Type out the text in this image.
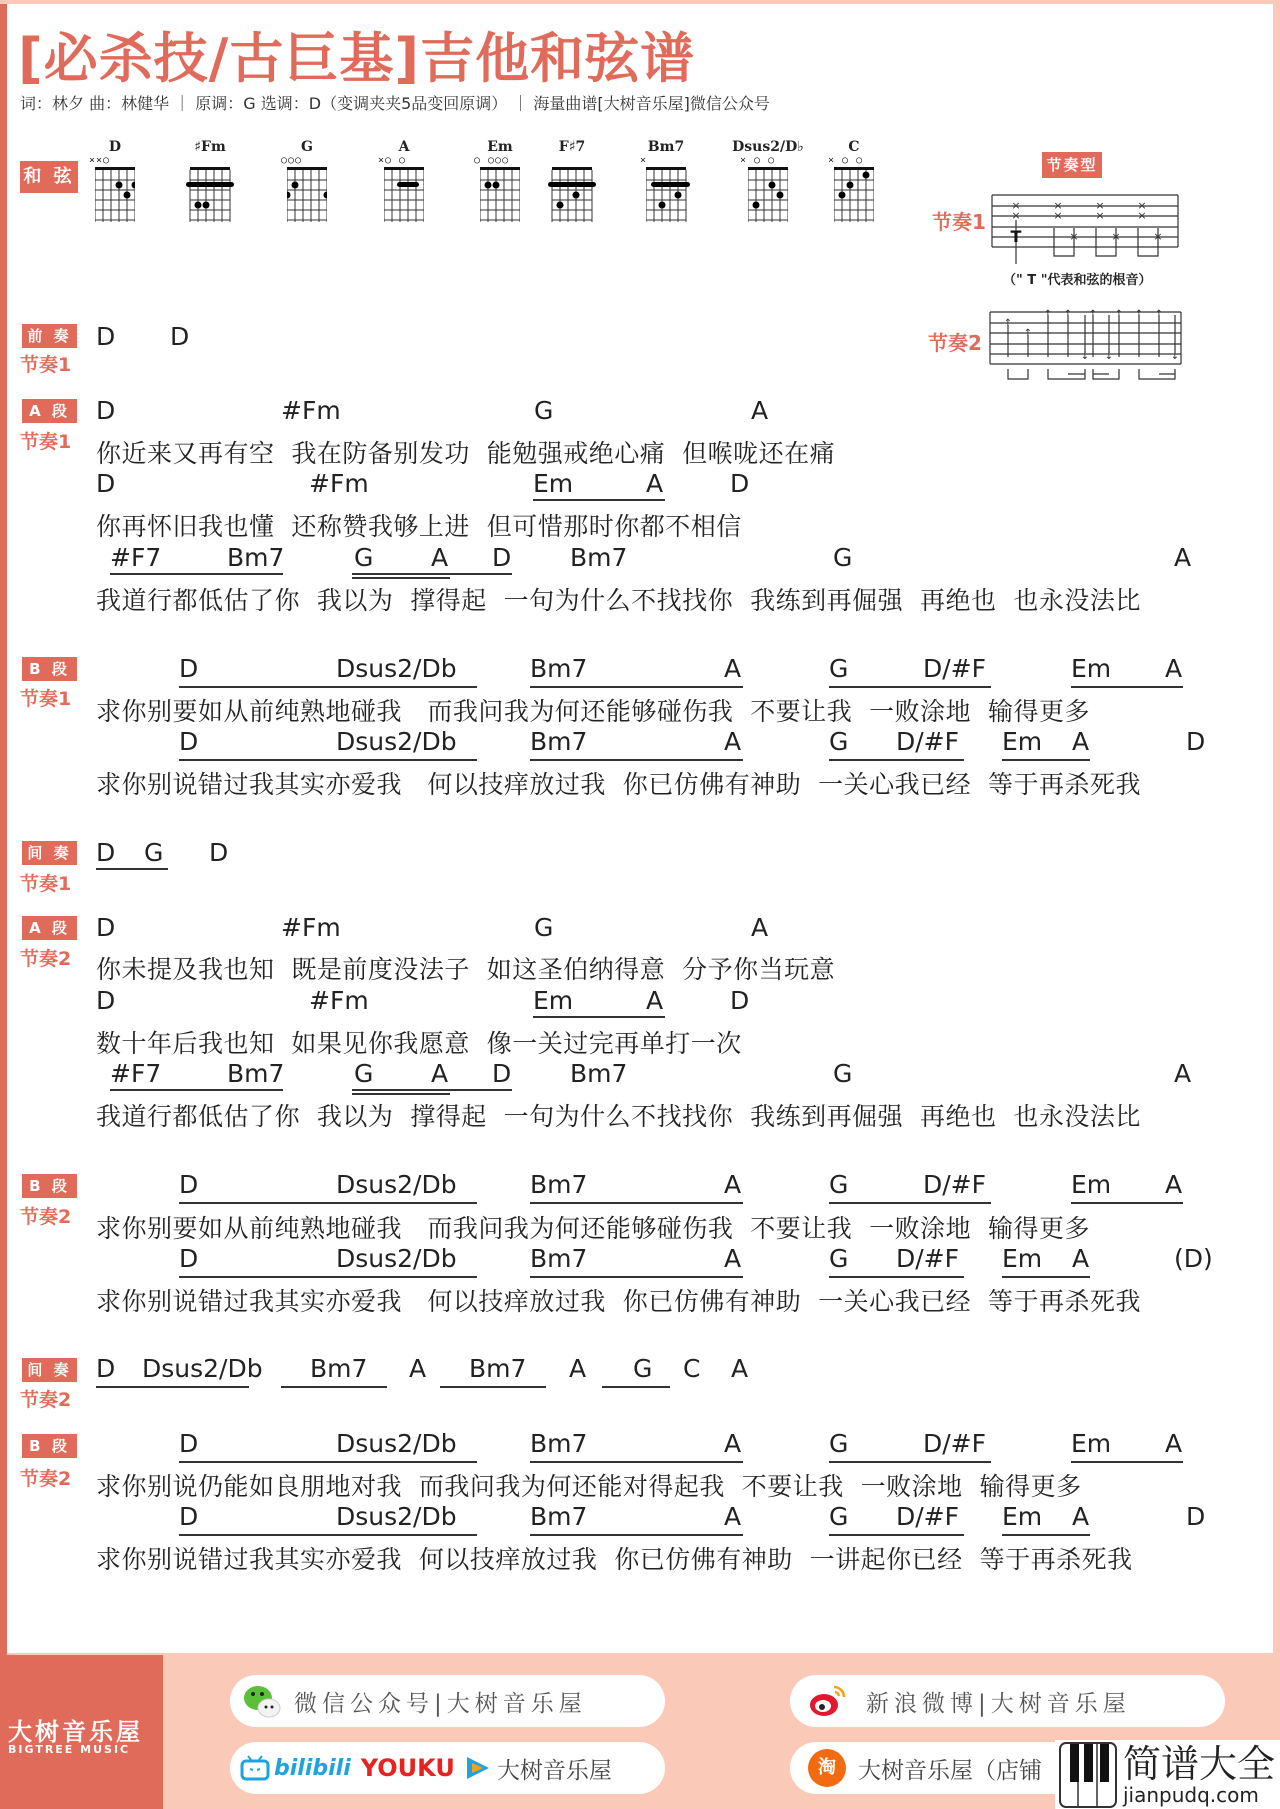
[必杀技/古巨基]吉他和弦谱
词：林夕 曲：林健华 ｜ 原调：G 选调：D（变调夹夹5品变回原调） ｜ 海量曲谱[大树音乐屋]微信公众号
和 弦
D
××○
♯Fm	G
○○○
A
×○ ○
Em
○ ○○○
F♯7	Bm7
×
Dsus2/D♭
× ○ ○
C
× ○ ○	节奏型
节奏1
×
×
×
×
×
×
×
×
×	×	×
T
（" T "代表和弦的根音）
节奏2
↑
↑
↑ ↑ ↑ ↑ ↑ ↑
↓ ↓	↓
前 奏
节奏1

D

D

A 段
节奏1

D

	#Fm

	G

	A

你近来又再有空  我在防备别发功  能勉强戒绝心痛  但喉咙还在痛

D

	#Fm

	Em

	A

	D

你再怀旧我也懂  还称赞我够上进  但可惜那时你都不相信

#F7

	Bm7

	G

A

D

Bm7

	G

	A

我道行都低估了你  我以为  撑得起  一句为什么不找找你  我练到再倔强  再绝也  也永没法比
B 段
节奏1

D

	Dsus2/Db

	Bm7

	A

	G

	D/#F

	Em

A

求你别要如从前纯熟地碰我   而我问我为何还能够碰伤我  不要让我  一败涂地  输得更多

D

	Dsus2/Db

	Bm7

	A

	G

D/#F

Em

A

	D

求你别说错过我其实亦爱我   何以技痒放过我  你已仿佛有神助  一关心我已经  等于再杀死我
间 奏
节奏1

D

G

D

A 段
节奏2

D

	#Fm

	G

	A

你未提及我也知  既是前度没法子  如这圣伯纳得意  分予你当玩意

D

	#Fm

	Em

	A

	D

数十年后我也知  如果见你我愿意  像一关过完再单打一次

#F7

	Bm7

	G

A

D

Bm7

	G

	A

我道行都低估了你  我以为  撑得起  一句为什么不找找你  我练到再倔强  再绝也  也永没法比
B 段
节奏2

D

	Dsus2/Db

	Bm7

	A

	G

	D/#F

	Em

A

求你别要如从前纯熟地碰我   而我问我为何还能够碰伤我  不要让我  一败涂地  输得更多

D

	Dsus2/Db

	Bm7

	A

	G

D/#F

Em

A

	(D)

求你别说错过我其实亦爱我   何以技痒放过我  你已仿佛有神助  一关心我已经  等于再杀死我
间 奏
节奏2

D

Dsus2/Db

Bm7

A

Bm7

A

G

C

A

B 段
节奏2

D

	Dsus2/Db

	Bm7

	A

	G

	D/#F

	Em

A

求你别说仍能如良朋地对我  而我问我为何还能对得起我  不要让我  一败涂地  输得更多

D

	Dsus2/Db

	Bm7

	A

	G

D/#F

Em

A

	D

求你别说错过我其实亦爱我  何以技痒放过我  你已仿佛有神助  一讲起你已经  等于再杀死我
大树音乐屋
BIGTREE MUSIC
微信公众号|大树音乐屋
bilibili YOUKU 大树音乐屋
新浪微博|大树音乐屋
淘 大树音乐屋（店铺 简谱大全
jianpudq.com
